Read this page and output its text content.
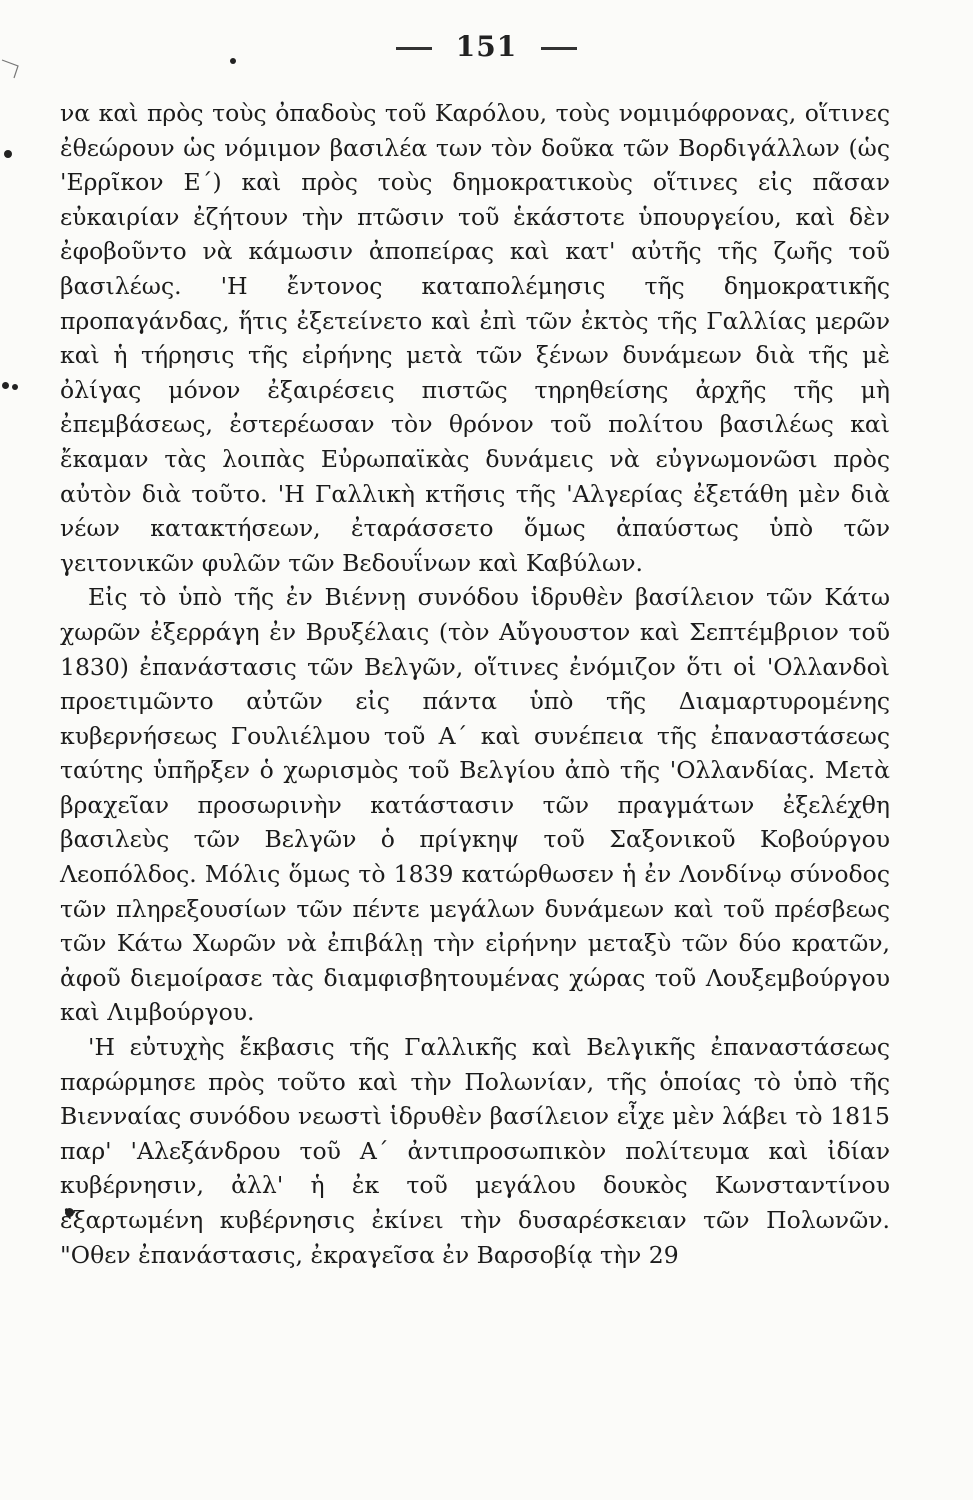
151

να καὶ πρὸς τοὺς ὀπαδοὺς τοῦ Καρόλου, τοὺς νομιμόφρονας, οἵτινες ἐθεώρουν ὡς νόμιμον βασιλέα των τὸν δοῦκα τῶν Βορδιγάλλων (ὡς 'Ερρῖκον Ε΄) καὶ πρὸς τοὺς δημοκρατικοὺς οἵτινες εἰς πᾶσαν εὐκαιρίαν ἐζήτουν τὴν πτῶσιν τοῦ ἑκάστοτε ὑπουργείου, καὶ δὲν ἐφοβοῦντο νὰ κάμωσιν ἀποπείρας καὶ κατ' αὐτῆς τῆς ζωῆς τοῦ βασιλέως. 'Η ἔντονος καταπολέμησις τῆς δημοκρατικῆς προπαγάνδας, ἥτις ἐξετείνετο καὶ ἐπὶ τῶν ἐκτὸς τῆς Γαλλίας μερῶν καὶ ἡ τήρησις τῆς εἰρήνης μετὰ τῶν ξένων δυνάμεων διὰ τῆς μὲ ὀλίγας μόνον ἐξαιρέσεις πιστῶς τηρηθείσης ἀρχῆς τῆς μὴ ἐπεμβάσεως, ἐστερέωσαν τὸν θρόνον τοῦ πολίτου βασιλέως καὶ ἔκαμαν τὰς λοιπὰς Εὐρωπαϊκὰς δυνάμεις νὰ εὐγνωμονῶσι πρὸς αὐτὸν διὰ τοῦτο. 'Η Γαλλικὴ κτῆσις τῆς 'Αλγερίας ἐξετάθη μὲν διὰ νέων κατακτήσεων, ἐταράσσετο ὅμως ἀπαύστως ὑπὸ τῶν γειτονικῶν φυλῶν τῶν Βεδουΐνων καὶ Καβύλων.

Εἰς τὸ ὑπὸ τῆς ἐν Βιέννῃ συνόδου ἱδρυθὲν βασίλειον τῶν Κάτω χωρῶν ἐξερράγη ἐν Βρυξέλαις (τὸν Αὔγουστον καὶ Σεπτέμβριον τοῦ 1830) ἐπανάστασις τῶν Βελγῶν, οἵτινες ἐνόμιζον ὅτι οἱ 'Ολλανδοὶ προετιμῶντο αὐτῶν εἰς πάντα ὑπὸ τῆς Διαμαρτυρομένης κυβερνήσεως Γουλιέλμου τοῦ Α΄ καὶ συνέπεια τῆς ἐπαναστάσεως ταύτης ὑπῆρξεν ὁ χωρισμὸς τοῦ Βελγίου ἀπὸ τῆς 'Ολλανδίας. Μετὰ βραχεῖαν προσωρινὴν κατάστασιν τῶν πραγμάτων ἐξελέχθη βασιλεὺς τῶν Βελγῶν ὁ πρίγκηψ τοῦ Σαξονικοῦ Κοβούργου Λεοπόλδος. Μόλις ὅμως τὸ 1839 κατώρθωσεν ἡ ἐν Λονδίνῳ σύνοδος τῶν πληρεξουσίων τῶν πέντε μεγάλων δυνάμεων καὶ τοῦ πρέσβεως τῶν Κάτω Χωρῶν νὰ ἐπιβάλῃ τὴν εἰρήνην μεταξὺ τῶν δύο κρατῶν, ἀφοῦ διεμοίρασε τὰς διαμφισβητουμένας χώρας τοῦ Λουξεμβούργου καὶ Λιμβούργου.

'Η εὐτυχὴς ἔκβασις τῆς Γαλλικῆς καὶ Βελγικῆς ἐπαναστάσεως παρώρμησε πρὸς τοῦτο καὶ τὴν Πολωνίαν, τῆς ὁποίας τὸ ὑπὸ τῆς Βιενναίας συνόδου νεωστὶ ἱδρυθὲν βασίλειον εἶχε μὲν λάβει τὸ 1815 παρ' 'Αλεξάνδρου τοῦ Α΄ ἀντιπροσωπικὸν πολίτευμα καὶ ἰδίαν κυβέρνησιν, ἀλλ' ἡ ἐκ τοῦ μεγάλου δουκὸς Κωνσταντίνου ἐξαρτωμένη κυβέρνησις ἐκίνει τὴν δυσαρέσκειαν τῶν Πολωνῶν. "Οθεν ἐπανάστασις, ἐκραγεῖσα ἐν Βαρσοβίᾳ τὴν 29
